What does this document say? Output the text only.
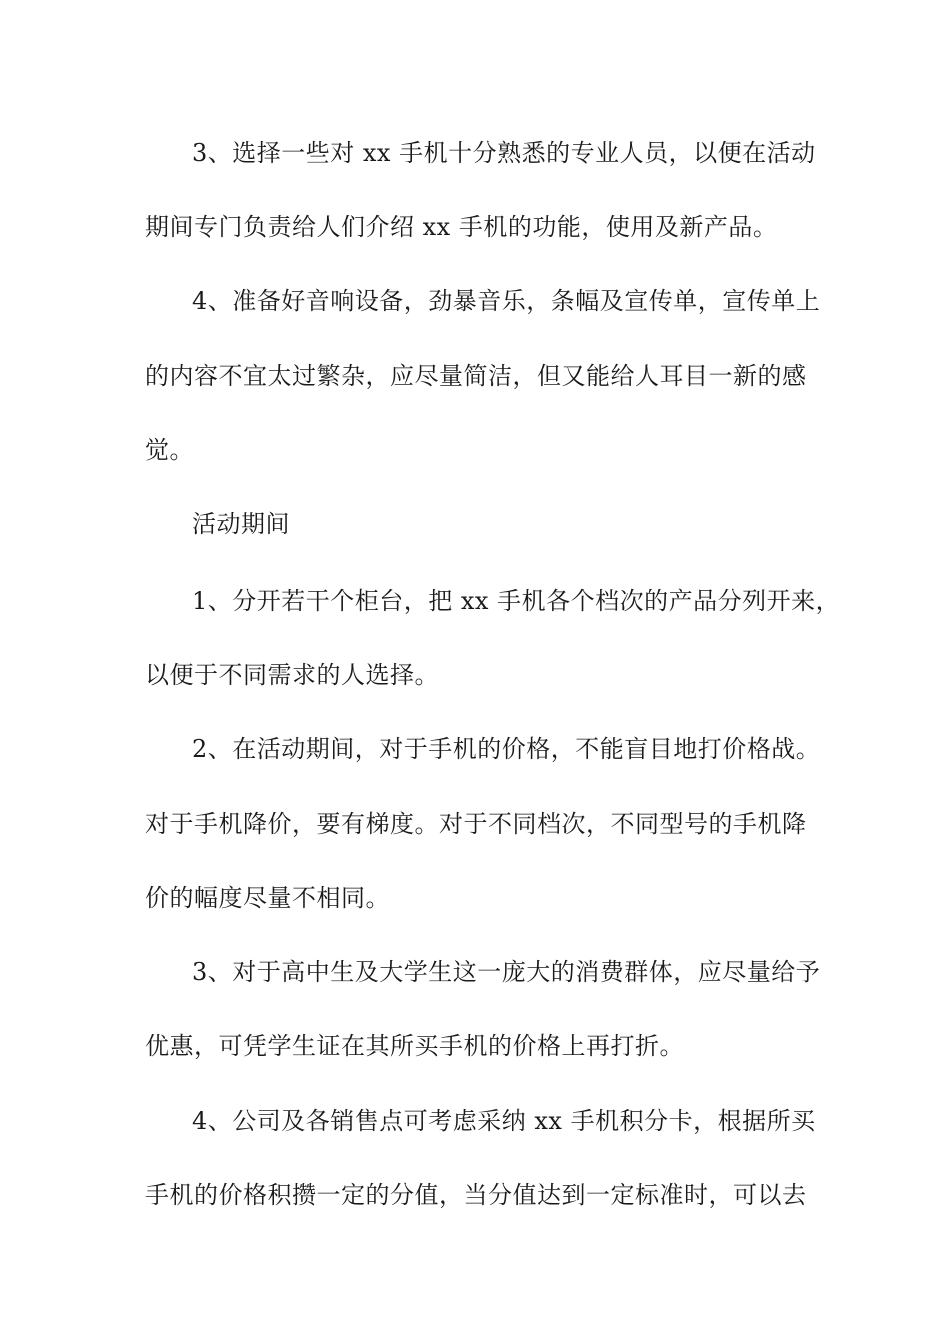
3、选择一些对 xx 手机十分熟悉的专业人员，以便在活动
期间专门负责给人们介绍 xx 手机的功能，使用及新产品。
4、准备好音响设备，劲暴音乐，条幅及宣传单，宣传单上
的内容不宜太过繁杂，应尽量简洁，但又能给人耳目一新的感
觉。
活动期间
1、分开若干个柜台，把 xx 手机各个档次的产品分列开来，
以便于不同需求的人选择。
2、在活动期间，对于手机的价格，不能盲目地打价格战。
对于手机降价，要有梯度。对于不同档次，不同型号的手机降
价的幅度尽量不相同。
3、对于高中生及大学生这一庞大的消费群体，应尽量给予
优惠，可凭学生证在其所买手机的价格上再打折。
4、公司及各销售点可考虑采纳 xx 手机积分卡，根据所买
手机的价格积攒一定的分值，当分值达到一定标准时，可以去
